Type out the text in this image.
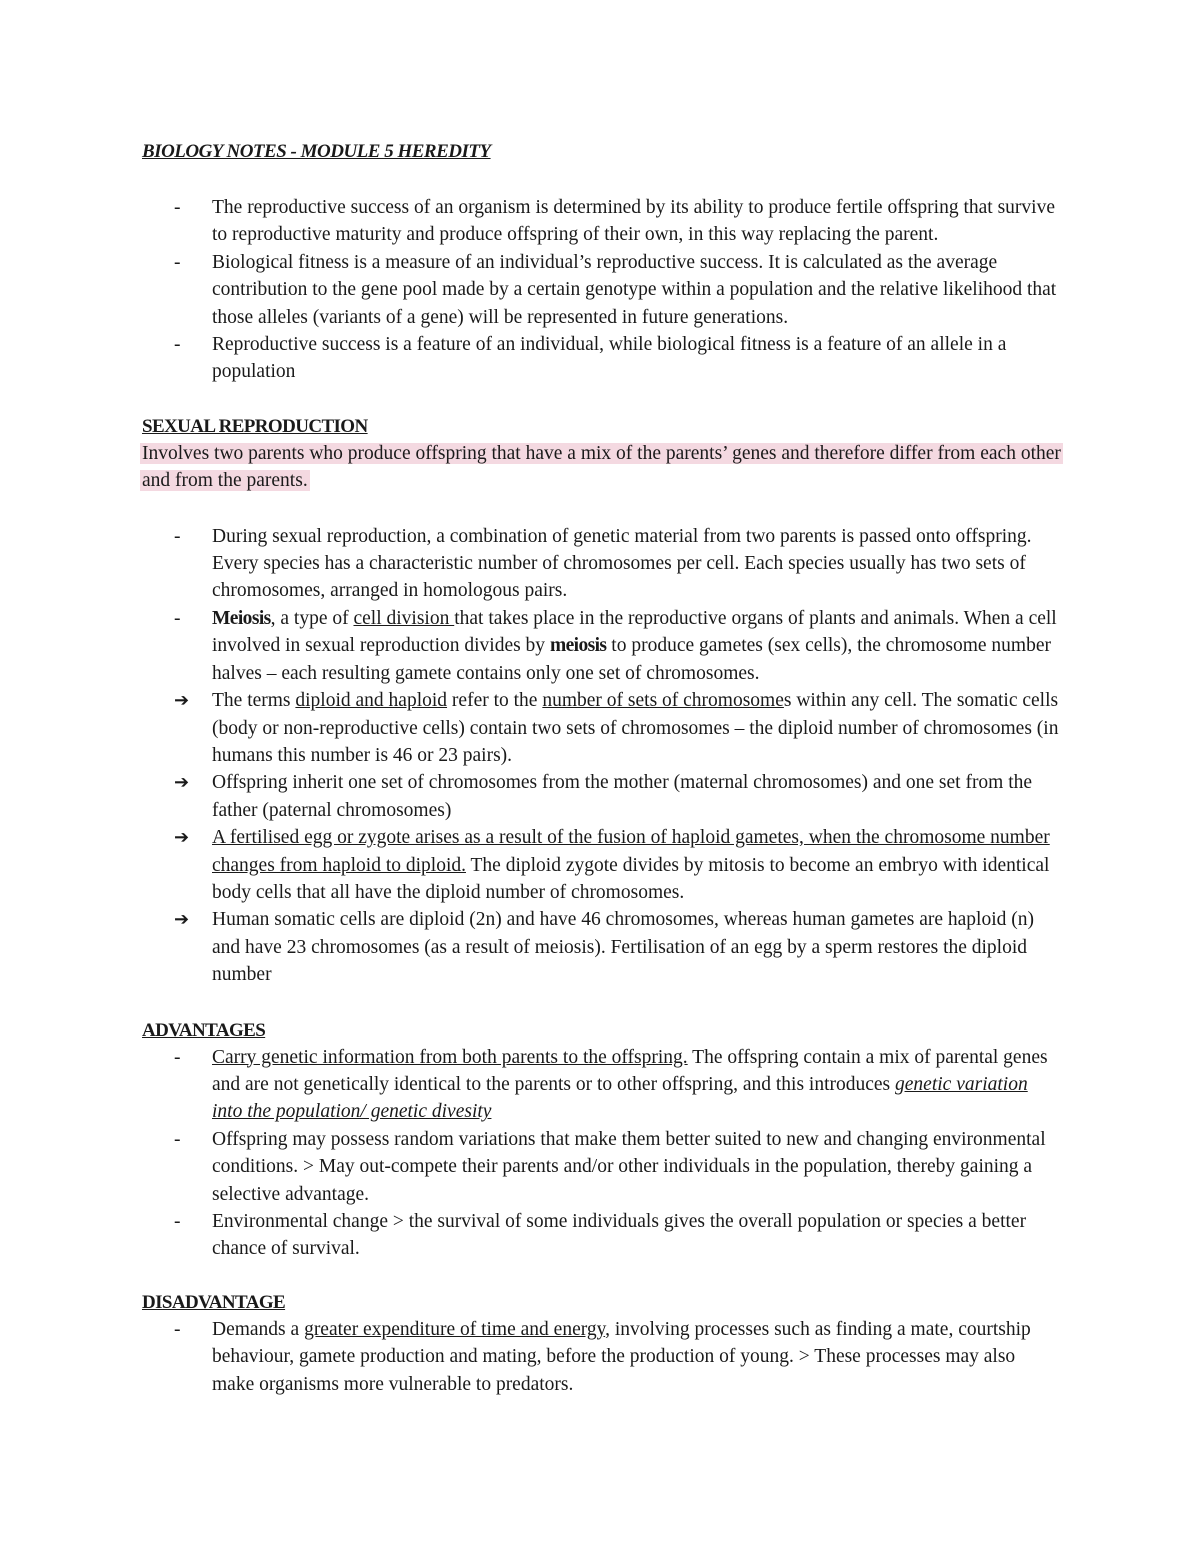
BIOLOGY NOTES - MODULE 5 HEREDITY
-	The reproductive success of an organism is determined by its ability to produce fertile offspring that survive to reproductive maturity and produce offspring of their own, in this way replacing the parent.
-	Biological fitness is a measure of an individual’s reproductive success. It is calculated as the average contribution to the gene pool made by a certain genotype within a population and the relative likelihood that those alleles (variants of a gene) will be represented in future generations.
-	Reproductive success is a feature of an individual, while biological fitness is a feature of an allele in a population
SEXUAL REPRODUCTION

Involves two parents who produce offspring that have a mix of the parents’ genes and therefore differ from each other and from the parents.

-	During sexual reproduction, a combination of genetic material from two parents is passed onto offspring. Every species has a characteristic number of chromosomes per cell. Each species usually has two sets of chromosomes, arranged in homologous pairs.
-	Meiosis, a type of cell division that takes place in the reproductive organs of plants and animals. When a cell involved in sexual reproduction divides by meiosis to produce gametes (sex cells), the chromosome number halves – each resulting gamete contains only one set of chromosomes.
➔	The terms diploid and haploid refer to the number of sets of chromosomes within any cell. The somatic cells (body or non-reproductive cells) contain two sets of chromosomes – the diploid number of chromosomes (in humans this number is 46 or 23 pairs).
➔	Offspring inherit one set of chromosomes from the mother (maternal chromosomes) and one set from the father (paternal chromosomes)
➔	A fertilised egg or zygote arises as a result of the fusion of haploid gametes, when the chromosome number changes from haploid to diploid. The diploid zygote divides by mitosis to become an embryo with identical body cells that all have the diploid number of chromosomes.
➔	Human somatic cells are diploid (2n) and have 46 chromosomes, whereas human gametes are haploid (n) and have 23 chromosomes (as a result of meiosis). Fertilisation of an egg by a sperm restores the diploid number
ADVANTAGES
-	Carry genetic information from both parents to the offspring. The offspring contain a mix of parental genes and are not genetically identical to the parents or to other offspring, and this introduces genetic variation into the population/ genetic divesity
-	Offspring may possess random variations that make them better suited to new and changing environmental conditions. > May out-compete their parents and/or other individuals in the population, thereby gaining a selective advantage.
-	Environmental change > the survival of some individuals gives the overall population or species a better chance of survival.
DISADVANTAGE
-	Demands a greater expenditure of time and energy, involving processes such as finding a mate, courtship behaviour, gamete production and mating, before the production of young. > These processes may also make organisms more vulnerable to predators.
